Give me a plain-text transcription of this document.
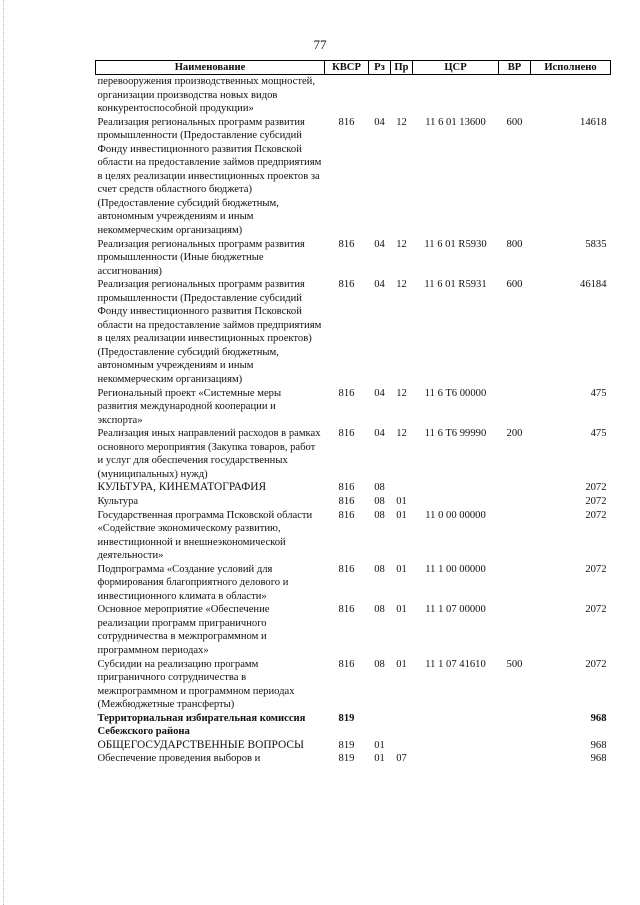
77
Наименование	КВСР	Рз	Пр	ЦСР	ВР	Исполнено
перевооружения производственных мощностей, организации производства новых видов конкурентоспособной продукции»						
Реализация региональных программ развития промышленности (Предоставление субсидий Фонду инвестиционного развития Псковской области на предоставление займов предприятиям в целях реализации инвестиционных проектов за счет средств областного бюджета) (Предоставление субсидий бюджетным, автономным учреждениям и иным некоммерческим организациям)	816	04	12	11 6 01 13600	600	14618
Реализация региональных программ развития промышленности (Иные бюджетные ассигнования)	816	04	12	11 6 01 R5930	800	5835
Реализация региональных программ развития промышленности (Предоставление субсидий Фонду инвестиционного развития Псковской области на предоставление займов предприятиям в целях реализации инвестиционных проектов) (Предоставление субсидий бюджетным, автономным учреждениям и иным некоммерческим организациям)	816	04	12	11 6 01 R5931	600	46184
Региональный проект «Системные меры развития международной кооперации и экспорта»	816	04	12	11 6 T6 00000		475
Реализация иных направлений расходов в рамках основного мероприятия (Закупка товаров, работ и услуг для обеспечения государственных (муниципальных) нужд)	816	04	12	11 6 T6 99990	200	475
КУЛЬТУРА, КИНЕМАТОГРАФИЯ	816	08				2072
Культура	816	08	01			2072
Государственная программа Псковской области «Содействие экономическому развитию, инвестиционной и внешнеэкономической деятельности»	816	08	01	11 0 00 00000		2072
Подпрограмма «Создание условий для формирования благоприятного делового и инвестиционного климата в области»	816	08	01	11 1 00 00000		2072
Основное мероприятие «Обеспечение реализации программ приграничного сотрудничества в межпрограммном и программном периодах»	816	08	01	11 1 07 00000		2072
Субсидии на реализацию программ приграничного сотрудничества в межпрограммном и программном периодах (Межбюджетные трансферты)	816	08	01	11 1 07 41610	500	2072
Территориальная избирательная комиссия Себежского района	819					968
ОБЩЕГОСУДАРСТВЕННЫЕ ВОПРОСЫ	819	01				968
Обеспечение проведения выборов и	819	01	07			968
